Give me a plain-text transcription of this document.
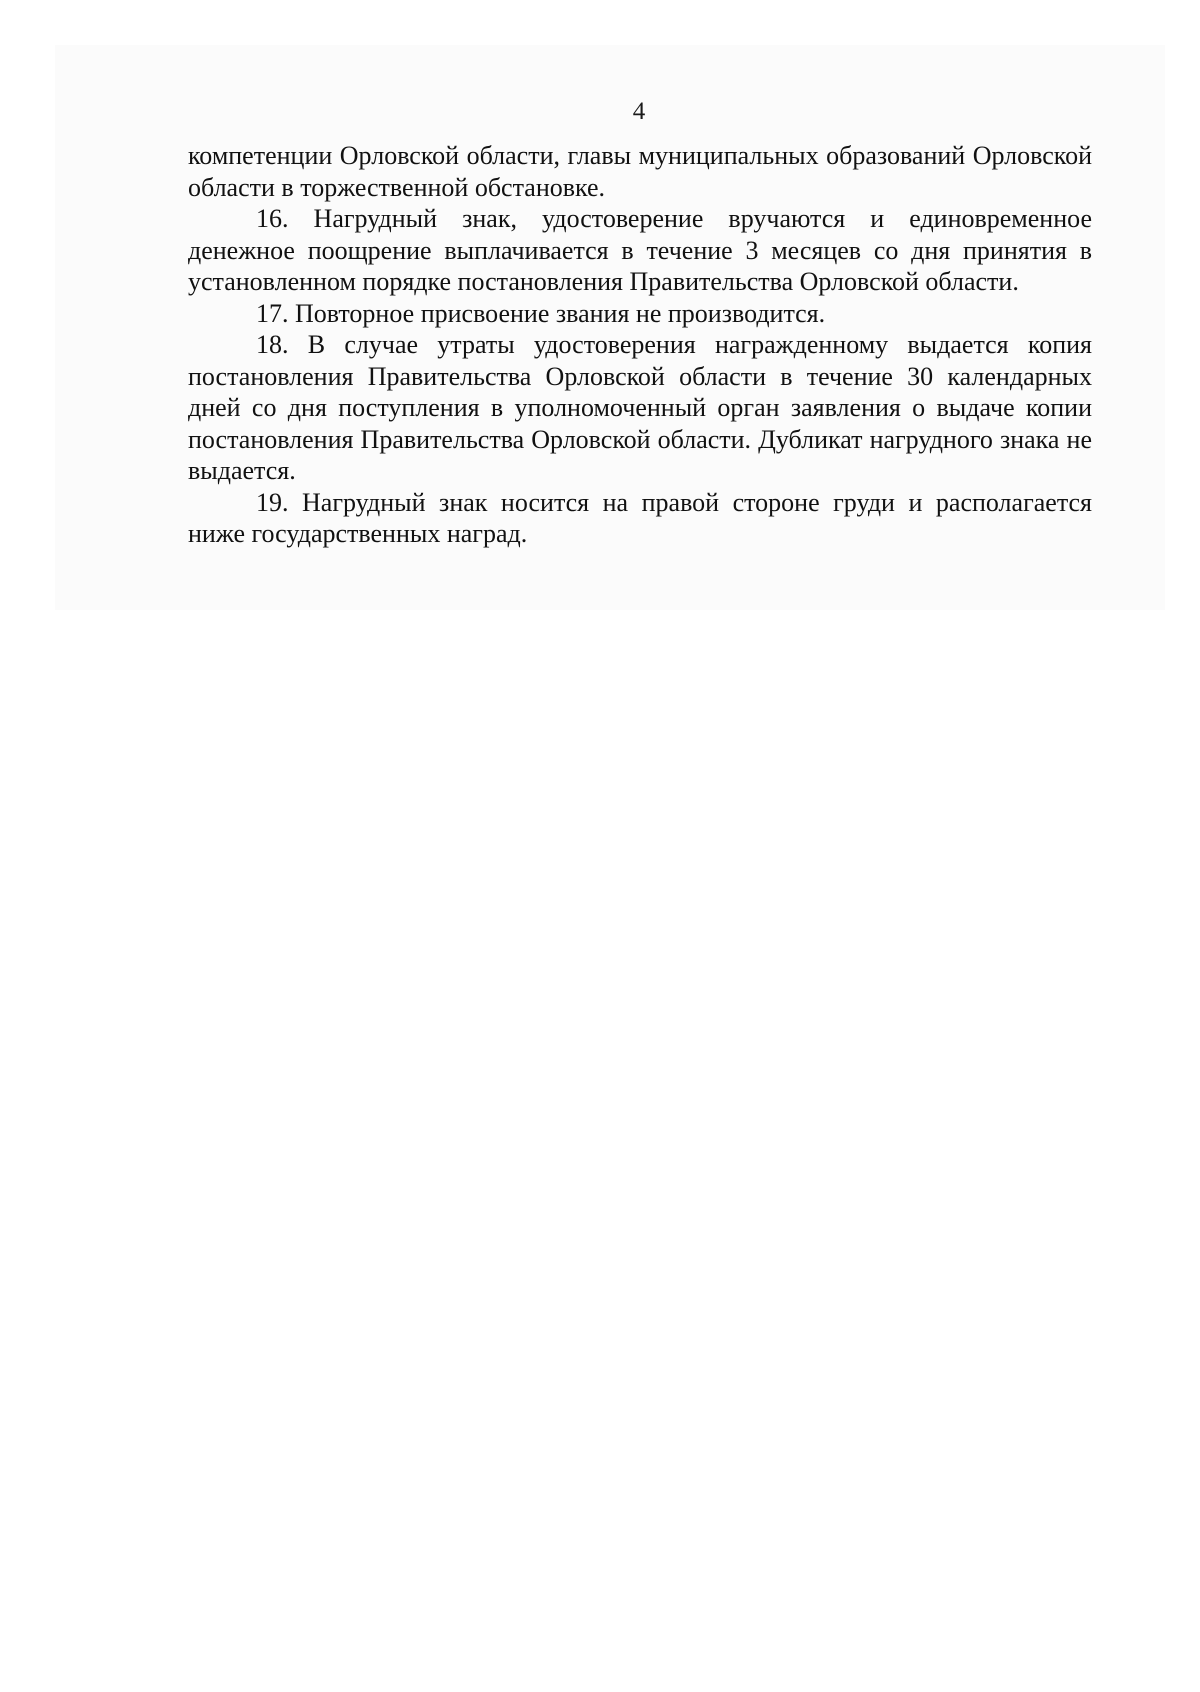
4

компетенции Орловской области, главы муниципальных образований Орловской области в торжественной обстановке.

16. Нагрудный знак, удостоверение вручаются и единовременное денежное поощрение выплачивается в течение 3 месяцев со дня принятия в установленном порядке постановления Правительства Орловской области.

17. Повторное присвоение звания не производится.

18. В случае утраты удостоверения награжденному выдается копия постановления Правительства Орловской области в течение 30 календарных дней со дня поступления в уполномоченный орган заявления о выдаче копии постановления Правительства Орловской области. Дубликат нагрудного знака не выдается.

19. Нагрудный знак носится на правой стороне груди и располагается ниже государственных наград.
